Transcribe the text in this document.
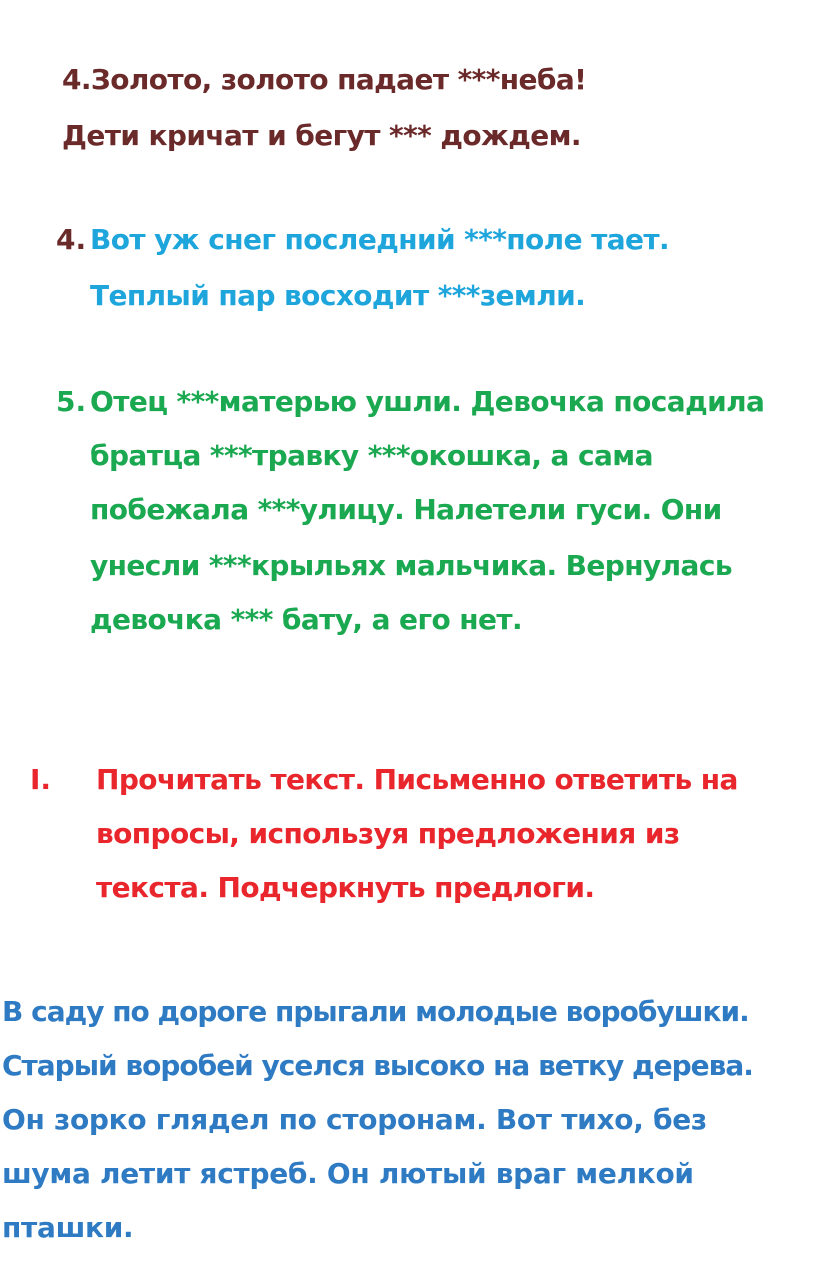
4.Золото, золото падает ***неба!
Дети кричат и бегут *** дождем.
4. Вот уж снег последний ***поле тает.
Теплый пар восходит ***земли.
5. Отец ***матерью ушли. Девочка посадила
братца ***травку ***окошка, а сама
побежала ***улицу. Налетели гуси. Они
унесли ***крыльях мальчика. Вернулась
девочка *** бату, а его нет.
I. Прочитать текст. Письменно ответить на
вопросы, используя предложения из
текста. Подчеркнуть предлоги.
В саду по дороге прыгали молодые воробушки.
Старый воробей уселся высоко на ветку дерева.
Он зорко глядел по сторонам. Вот тихо, без
шума летит ястреб. Он лютый враг мелкой
пташки.
